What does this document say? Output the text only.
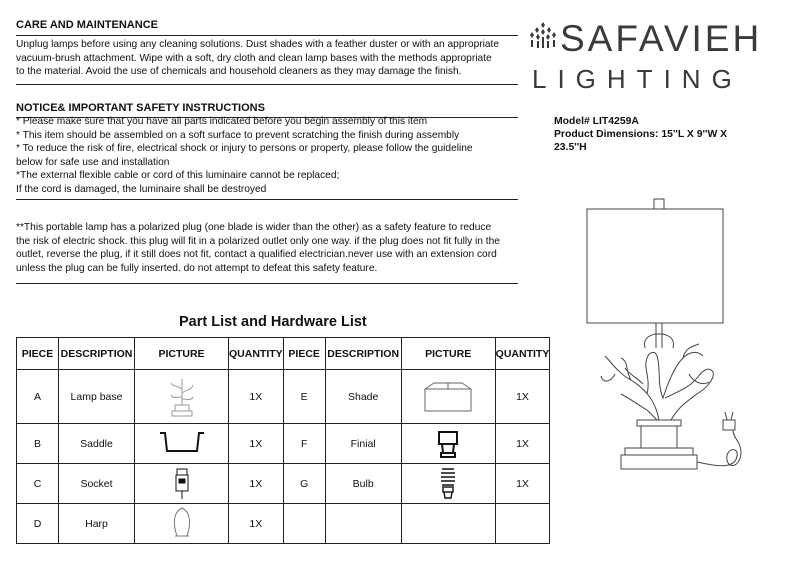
CARE AND MAINTENANCE
Unplug lamps before using any cleaning solutions. Dust shades with a feather duster or with an appropriate
vacuum-brush attachment. Wipe with a soft, dry cloth and clean lamp bases with the methods appropriate
to the material. Avoid the use of chemicals and household cleaners as they may damage the finish.
NOTICE& IMPORTANT SAFETY INSTRUCTIONS
* Please make sure that you have all parts indicated before you begin assembly of this item
* This item should be assembled on a soft surface to prevent scratching the finish during assembly
* To reduce the risk of fire, electrical shock or injury to persons or property, please follow the guideline
below for safe use and installation
*The external flexible cable or cord of this luminaire cannot be replaced;
If the cord is damaged, the luminaire shall be destroyed
**This portable lamp has a polarized plug (one blade is wider than the other) as a safety feature to reduce
the risk of electric shock. this plug will fit in a polarized outlet only one way. if the plug does not fit fully in the
outlet, reverse the plug, if it still does not fit, contact a qualified electrician.never use with an extension cord
unless the plug can be fully inserted. do not attempt to defeat this safety feature.
SAFAVIEH
LIGHTING
Model# LIT4259A
Product Dimensions: 15''L X 9''W X
23.5''H
Part List and Hardware List
PIECE	DESCRIPTION	PICTURE	QUANTITY	PIECE	DESCRIPTION	PICTURE	QUANTITY
A	Lamp base		1X	E	Shade		1X
B	Saddle		1X	F	Finial		1X
C	Socket		1X	G	Bulb		1X
D	Harp		1X				
